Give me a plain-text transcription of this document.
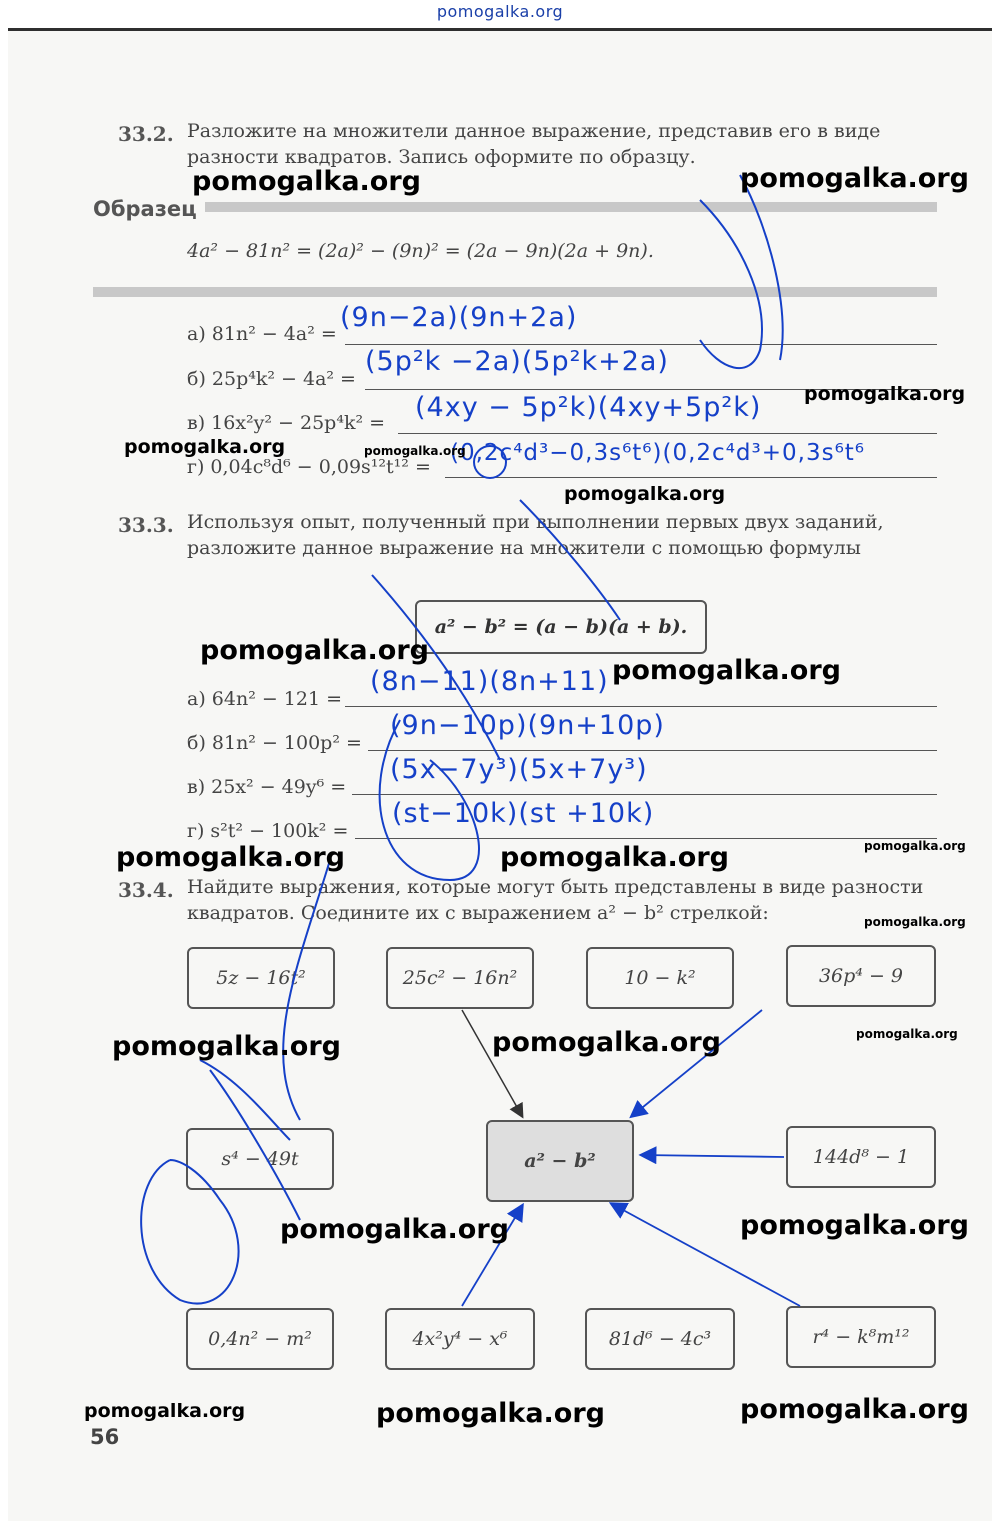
pomogalka.org
33.2. Разложите на множители данное выражение, представив его в виде разности квадратов. Запись оформите по образцу.
Образец
4a² − 81n² = (2a)² − (9n)² = (2a − 9n)(2a + 9n).
а) 81n² − 4a² =
(9n−2a)(9n+2a)
б) 25p⁴k² − 4a² =
(5p²k −2a)(5p²k+2a)
в) 16x²y² − 25p⁴k² = (4xy − 5p²k)(4xy+5p²k)
г) 0,04c⁸d⁶ − 0,09s¹²t¹² =
(0,2c⁴d³−0,3s⁶t⁶)(0,2c⁴d³+0,3s⁶t⁶
33.3. Используя опыт, полученный при выполнении первых двух заданий, разложите данное выражение на множители с помощью формулы
a² − b² = (a − b)(a + b).
а) 64n² − 121 =
(8n−11)(8n+11)
б) 81n² − 100p² =
(9n−10p)(9n+10p)
в) 25x² − 49y⁶ =
(5x−7y³)(5x+7y³)
г) s²t² − 100k² =
(st−10k)(st +10k)
33.4. Найдите выражения, которые могут быть представлены в виде разности квадратов. Соедините их с выражением a² − b² стрелкой:
5z − 16t²	25c² − 16n²	10 − k²	36p⁴ − 9
s⁴ − 49t	a² − b²	144d⁸ − 1
0,4n² − m²	4x²y⁴ − x⁶	81d⁶ − 4c³	r⁴ − k⁸m¹²
56
pomogalka.org	pomogalka.org
pomogalka.org
pomogalka.org	pomogalka.org
pomogalka.org
pomogalka.org
pomogalka.org
pomogalka.org	pomogalka.org	pomogalka.org
pomogalka.org
pomogalka.org
pomogalka.org	pomogalka.org
pomogalka.org	pomogalka.org
pomogalka.org	pomogalka.org	pomogalka.org
